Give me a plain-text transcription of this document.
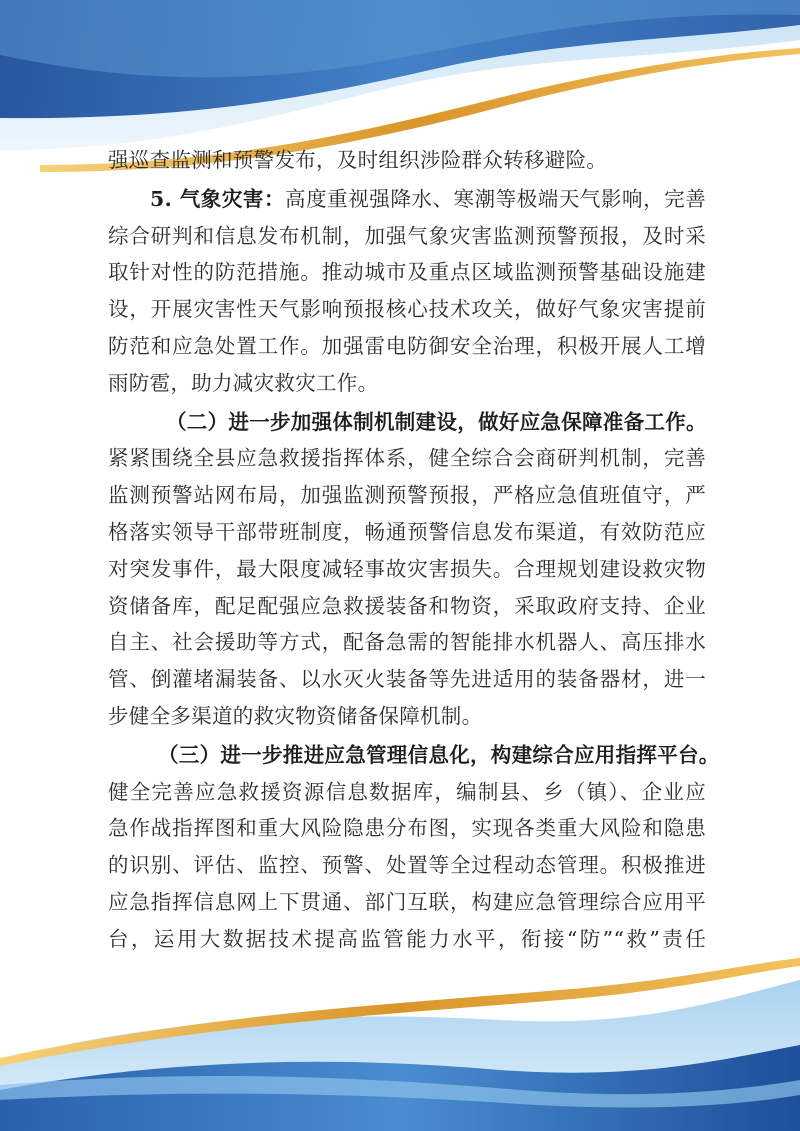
强巡查监测和预警发布，及时组织涉险群众转移避险。
5. 气象灾害：高度重视强降水、寒潮等极端天气影响，完善
综合研判和信息发布机制，加强气象灾害监测预警预报，及时采
取针对性的防范措施。推动城市及重点区域监测预警基础设施建
设，开展灾害性天气影响预报核心技术攻关，做好气象灾害提前
防范和应急处置工作。加强雷电防御安全治理，积极开展人工增
雨防雹，助力减灾救灾工作。
（二）进一步加强体制机制建设，做好应急保障准备工作。
紧紧围绕全县应急救援指挥体系，健全综合会商研判机制，完善
监测预警站网布局，加强监测预警预报，严格应急值班值守，严
格落实领导干部带班制度，畅通预警信息发布渠道，有效防范应
对突发事件，最大限度减轻事故灾害损失。合理规划建设救灾物
资储备库，配足配强应急救援装备和物资，采取政府支持、企业
自主、社会援助等方式，配备急需的智能排水机器人、高压排水
管、倒灌堵漏装备、以水灭火装备等先进适用的装备器材，进一
步健全多渠道的救灾物资储备保障机制。
（三）进一步推进应急管理信息化，构建综合应用指挥平台。
健全完善应急救援资源信息数据库，编制县、乡（镇）、企业应
急作战指挥图和重大风险隐患分布图，实现各类重大风险和隐患
的识别、评估、监控、预警、处置等全过程动态管理。积极推进
应急指挥信息网上下贯通、部门互联，构建应急管理综合应用平
台，运用大数据技术提高监管能力水平，衔接“防”“救”责任
